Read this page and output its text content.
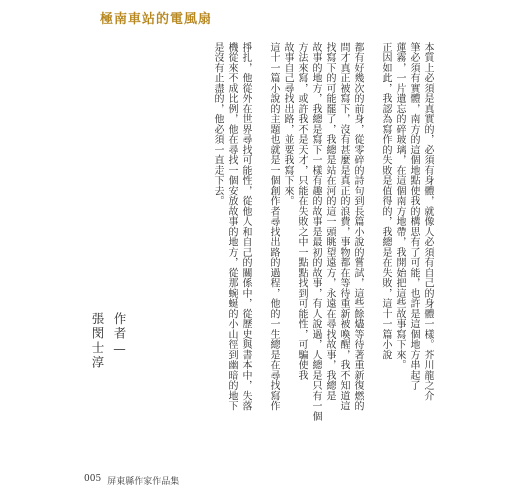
極南車站的電風扇
本質上必須是真實的，必須有身體，就像人必須有自己的身體一樣。芥川龍之介
筆必須有實體，南方的這個地點使我的構思有了可能，也許是這個地方串起了
蓮霧，一片遺忘的碎玻璃，在這個南方地帶，我開始把這些故事寫下來。
正因如此，我認為寫作的失敗是值得的，我總是在失敗，這十一篇小說
都有好幾次的前身，從零碎的詩句到長篇小說的嘗試，這些餘燼等待著重新復燃的
問才真正被寫下，沒有甚麼是真正的浪費，事物都在等待重新被喚醒，我不知道這
找寫下的可能罷了，我總是站在河的這一頭眺望遠方，永遠在尋找故事，我總是
故事的地方，我總是寫下一樣有趣的故事是最初的故事，有人說過，人總是只有一個
方法來寫，或許我不是天才，只能在失敗之中一點點找到可能性，可騙使我
故事自己尋找出路，並要我寫下來。
這十一篇小說的主題也就是一個創作者尋找出路的過程，他的一生總是在尋找寫作
掙扎，他從外在世界尋找可能性，從他人和自己的關係中，從歷史與書本中，失落
機從來不成比例，他在尋找一個安放故事的地方，從那蜿蜒的小山徑到幽暗的地下
是沒有止盡的，他必須一直走下去。
作者—
張閔士淳
005 屏東縣作家作品集
